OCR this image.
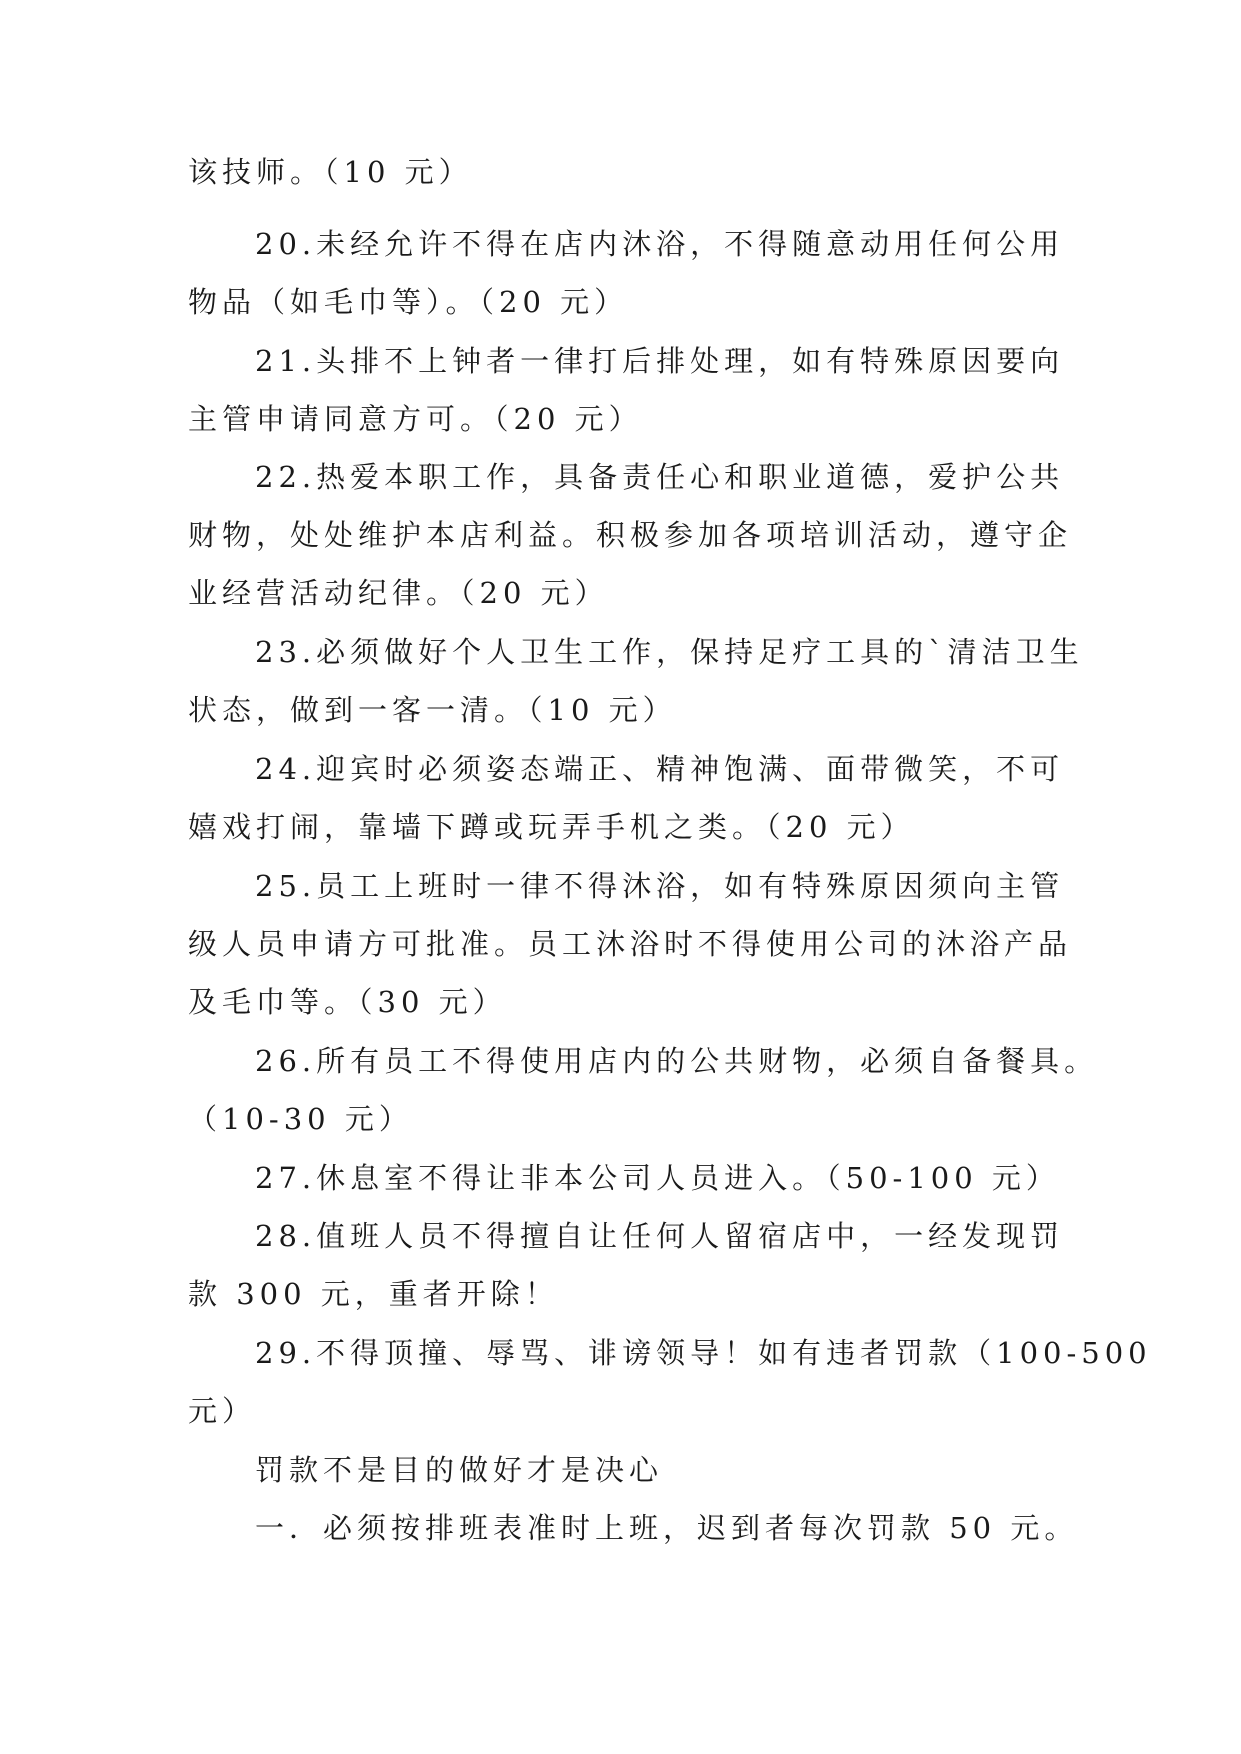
该技师。（10 元）
20.未经允许不得在店内沐浴，不得随意动用任何公用
物品（如毛巾等）。（20 元）
21.头排不上钟者一律打后排处理，如有特殊原因要向
主管申请同意方可。（20 元）
22.热爱本职工作，具备责任心和职业道德，爱护公共
财物，处处维护本店利益。积极参加各项培训活动，遵守企
业经营活动纪律。（20 元）
23.必须做好个人卫生工作，保持足疗工具的`清洁卫生
状态，做到一客一清。（10 元）
24.迎宾时必须姿态端正、精神饱满、面带微笑，不可
嬉戏打闹，靠墙下蹲或玩弄手机之类。（20 元）
25.员工上班时一律不得沐浴，如有特殊原因须向主管
级人员申请方可批准。员工沐浴时不得使用公司的沐浴产品
及毛巾等。（30 元）
26.所有员工不得使用店内的公共财物，必须自备餐具。
（10-30 元）
27.休息室不得让非本公司人员进入。（50-100 元）
28.值班人员不得擅自让任何人留宿店中，一经发现罚
款 300 元，重者开除！
29.不得顶撞、辱骂、诽谤领导！如有违者罚款（100-500
元）
罚款不是目的做好才是决心
一．必须按排班表准时上班，迟到者每次罚款 50 元。
